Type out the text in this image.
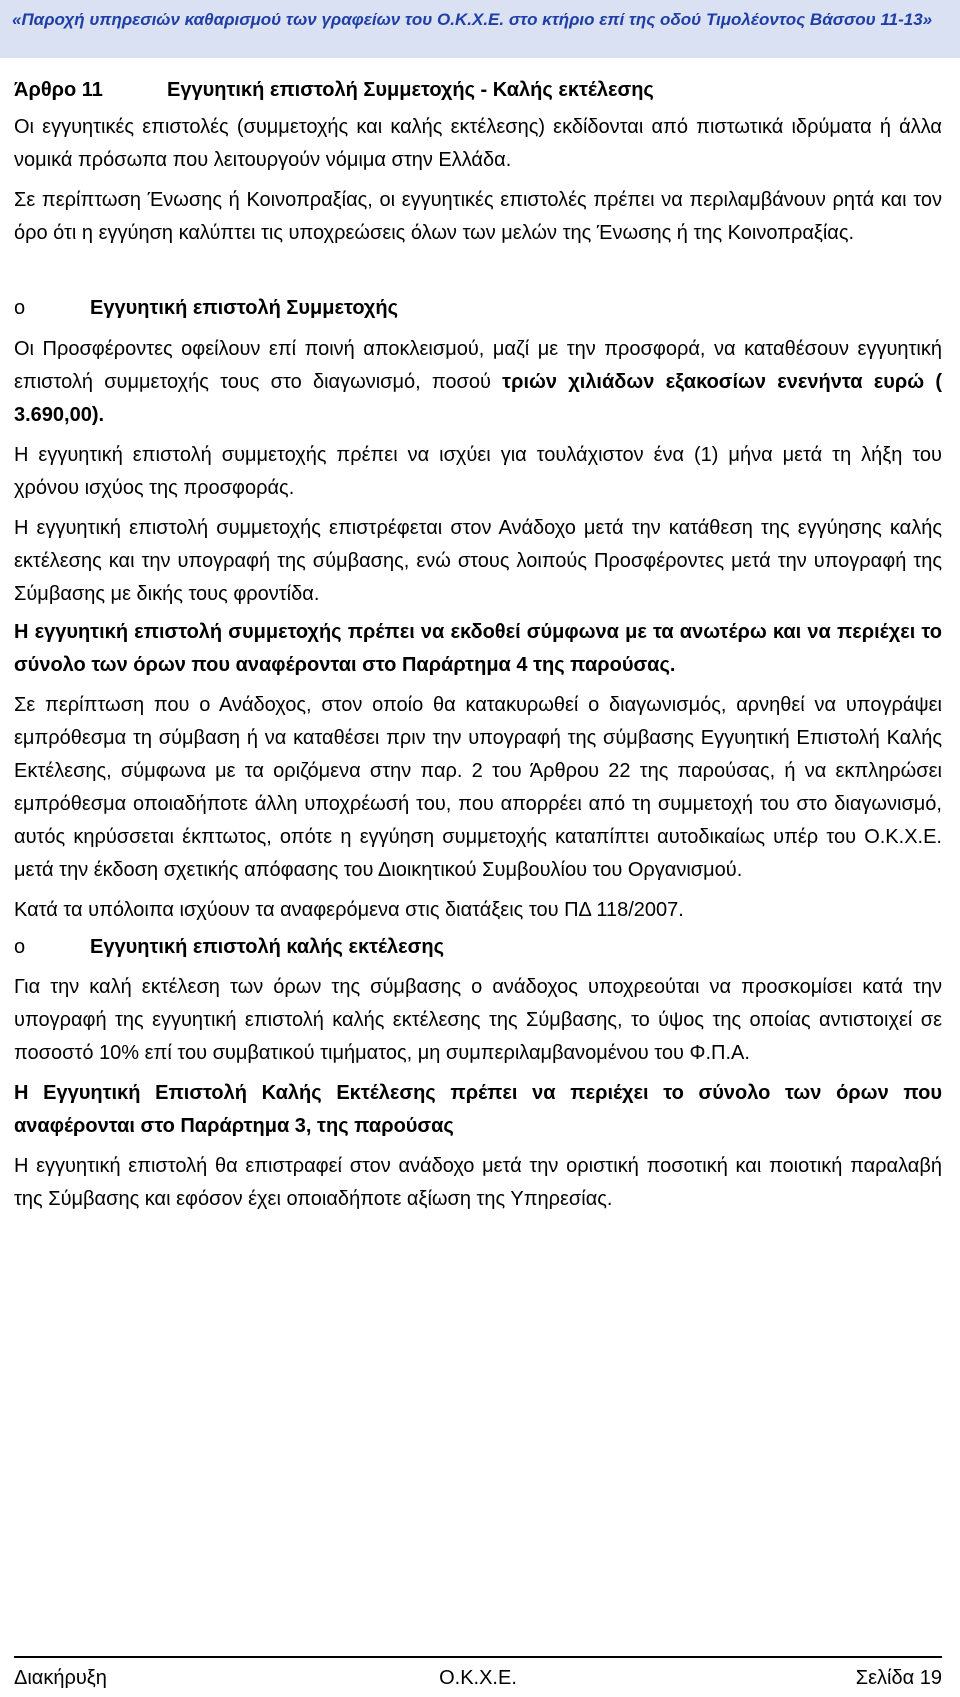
«Παροχή υπηρεσιών καθαρισμού των γραφείων του Ο.Κ.Χ.Ε. στο κτήριο επί της οδού Τιμολέοντος Βάσσου 11-13»
Άρθρο 11	Εγγυητική επιστολή Συμμετοχής - Καλής εκτέλεσης

Οι εγγυητικές επιστολές (συμμετοχής και καλής εκτέλεσης) εκδίδονται από πιστωτικά ιδρύματα ή άλλα νομικά πρόσωπα που λειτουργούν νόμιμα στην Ελλάδα.

Σε περίπτωση Ένωσης ή Κοινοπραξίας, οι εγγυητικές επιστολές πρέπει να περιλαμβάνουν ρητά και τον όρο ότι η εγγύηση καλύπτει τις υποχρεώσεις όλων των μελών της Ένωσης ή της Κοινοπραξίας.

o	Εγγυητική επιστολή Συμμετοχής

Οι Προσφέροντες οφείλουν επί ποινή αποκλεισμού, μαζί με την προσφορά, να καταθέσουν εγγυητική επιστολή συμμετοχής τους στο διαγωνισμό, ποσού τριών χιλιάδων εξακοσίων ενενήντα ευρώ ( 3.690,00).

Η εγγυητική επιστολή συμμετοχής πρέπει να ισχύει για τουλάχιστον ένα (1) μήνα μετά τη λήξη του χρόνου ισχύος της προσφοράς.

Η εγγυητική επιστολή συμμετοχής επιστρέφεται στον Ανάδοχο μετά την κατάθεση της εγγύησης καλής εκτέλεσης και την υπογραφή της σύμβασης, ενώ στους λοιπούς Προσφέροντες μετά την υπογραφή της Σύμβασης με δικής τους φροντίδα.

Η εγγυητική επιστολή συμμετοχής πρέπει να εκδοθεί σύμφωνα με τα ανωτέρω και να περιέχει το σύνολο των όρων που αναφέρονται στο Παράρτημα 4 της παρούσας.

Σε περίπτωση που ο Ανάδοχος, στον οποίο θα κατακυρωθεί ο διαγωνισμός, αρνηθεί να υπογράψει εμπρόθεσμα τη σύμβαση ή να καταθέσει πριν την υπογραφή της σύμβασης Εγγυητική Επιστολή Καλής Εκτέλεσης, σύμφωνα με τα οριζόμενα στην παρ. 2 του Άρθρου 22 της παρούσας, ή να εκπληρώσει εμπρόθεσμα οποιαδήποτε άλλη υποχρέωσή του, που απορρέει από τη συμμετοχή του στο διαγωνισμό, αυτός κηρύσσεται έκπτωτος, οπότε η εγγύηση συμμετοχής καταπίπτει αυτοδικαίως υπέρ του Ο.Κ.Χ.Ε. μετά την έκδοση σχετικής απόφασης του Διοικητικού Συμβουλίου του Οργανισμού.

Κατά τα υπόλοιπα ισχύουν τα αναφερόμενα στις διατάξεις του ΠΔ 118/2007.

o	Εγγυητική επιστολή καλής εκτέλεσης

Για την καλή εκτέλεση των όρων της σύμβασης ο ανάδοχος υποχρεούται να προσκομίσει κατά την υπογραφή της εγγυητική επιστολή καλής εκτέλεσης της Σύμβασης, το ύψος της οποίας αντιστοιχεί σε ποσοστό 10% επί του συμβατικού τιμήματος, μη συμπεριλαμβανομένου του Φ.Π.Α.

Η Εγγυητική Επιστολή Καλής Εκτέλεσης πρέπει να περιέχει το σύνολο των όρων που αναφέρονται στο Παράρτημα 3, της παρούσας

Η εγγυητική επιστολή θα επιστραφεί στον ανάδοχο μετά την οριστική ποσοτική και ποιοτική παραλαβή της Σύμβασης και εφόσον έχει οποιαδήποτε αξίωση της Υπηρεσίας.

Διακήρυξη	Ο.Κ.Χ.Ε.	Σελίδα 19
